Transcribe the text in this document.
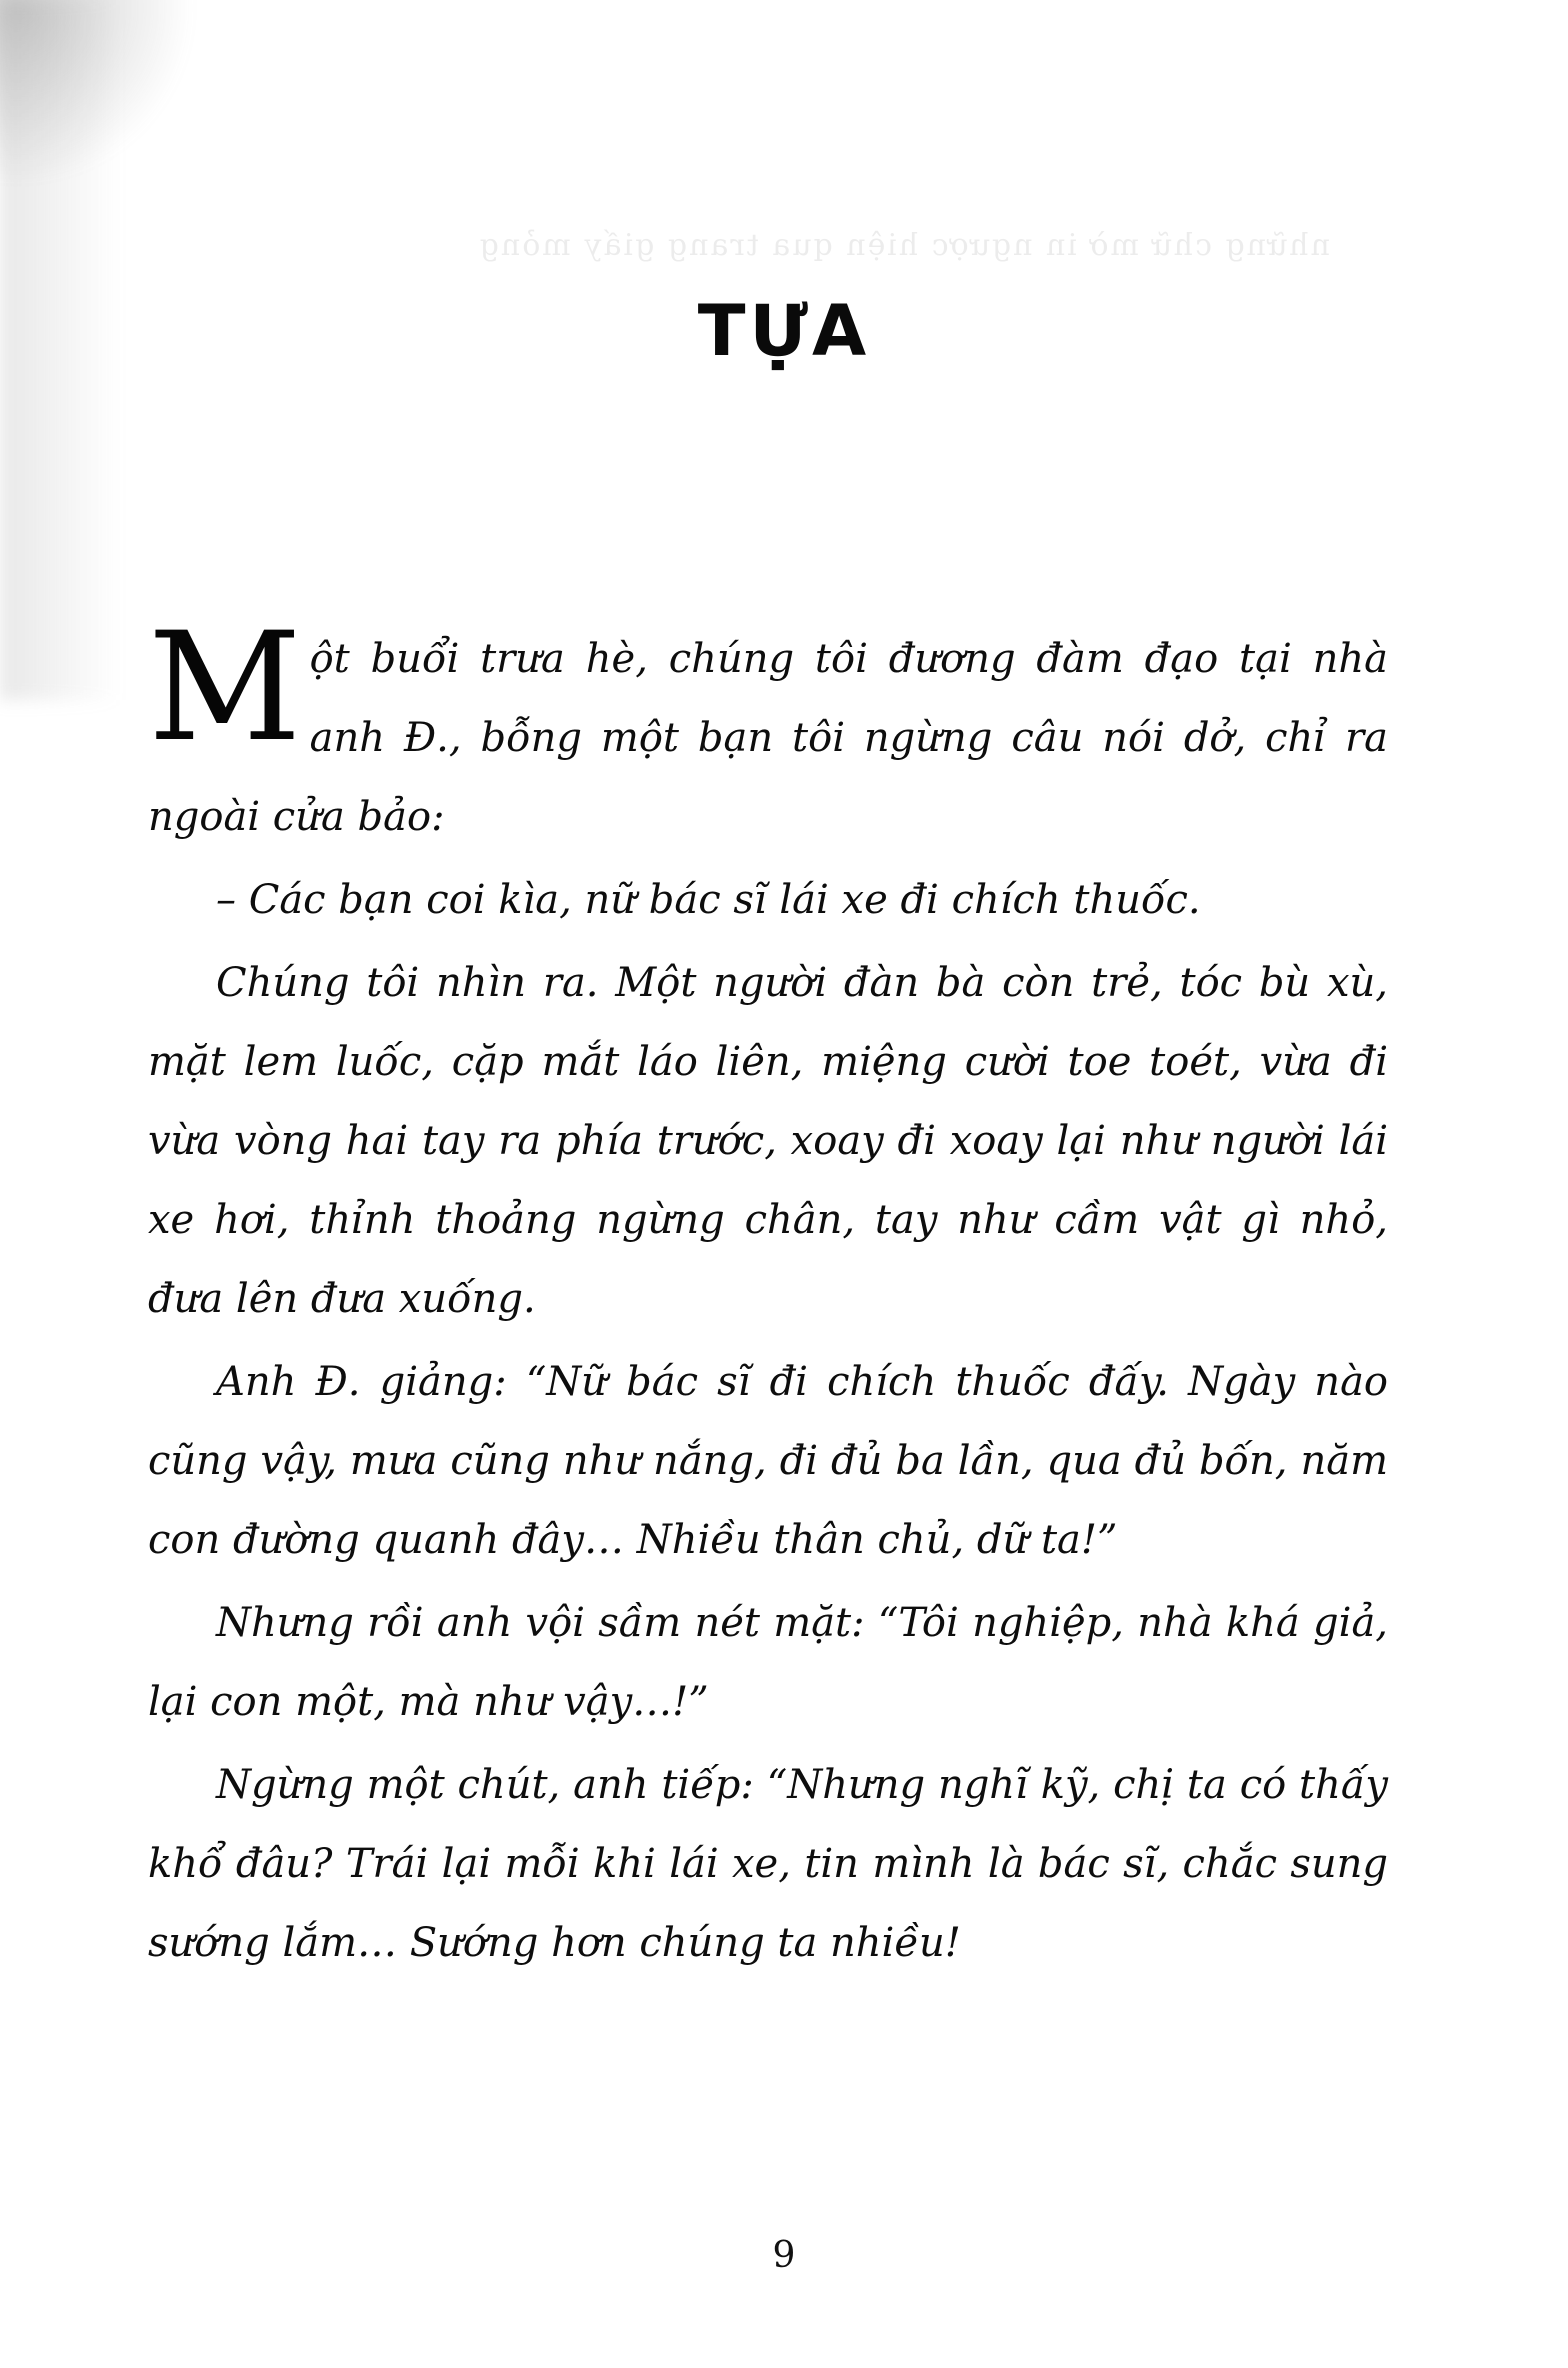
những chữ mờ in ngược hiện qua trang giấy mỏng
TỰA

Một buổi trưa hè, chúng tôi đương đàm đạo tại nhà anh Đ., bỗng một bạn tôi ngừng câu nói dở, chỉ ra ngoài cửa bảo:

– Các bạn coi kìa, nữ bác sĩ lái xe đi chích thuốc.

Chúng tôi nhìn ra. Một người đàn bà còn trẻ, tóc bù xù, mặt lem luốc, cặp mắt láo liên, miệng cười toe toét, vừa đi vừa vòng hai tay ra phía trước, xoay đi xoay lại như người lái xe hơi, thỉnh thoảng ngừng chân, tay như cầm vật gì nhỏ, đưa lên đưa xuống.

Anh Đ. giảng: “Nữ bác sĩ đi chích thuốc đấy. Ngày nào cũng vậy, mưa cũng như nắng, đi đủ ba lần, qua đủ bốn, năm con đường quanh đây… Nhiều thân chủ, dữ ta!”

Nhưng rồi anh vội sầm nét mặt: “Tôi nghiệp, nhà khá giả, lại con một, mà như vậy…!”

Ngừng một chút, anh tiếp: “Nhưng nghĩ kỹ, chị ta có thấy khổ đâu? Trái lại mỗi khi lái xe, tin mình là bác sĩ, chắc sung sướng lắm… Sướng hơn chúng ta nhiều!

9
